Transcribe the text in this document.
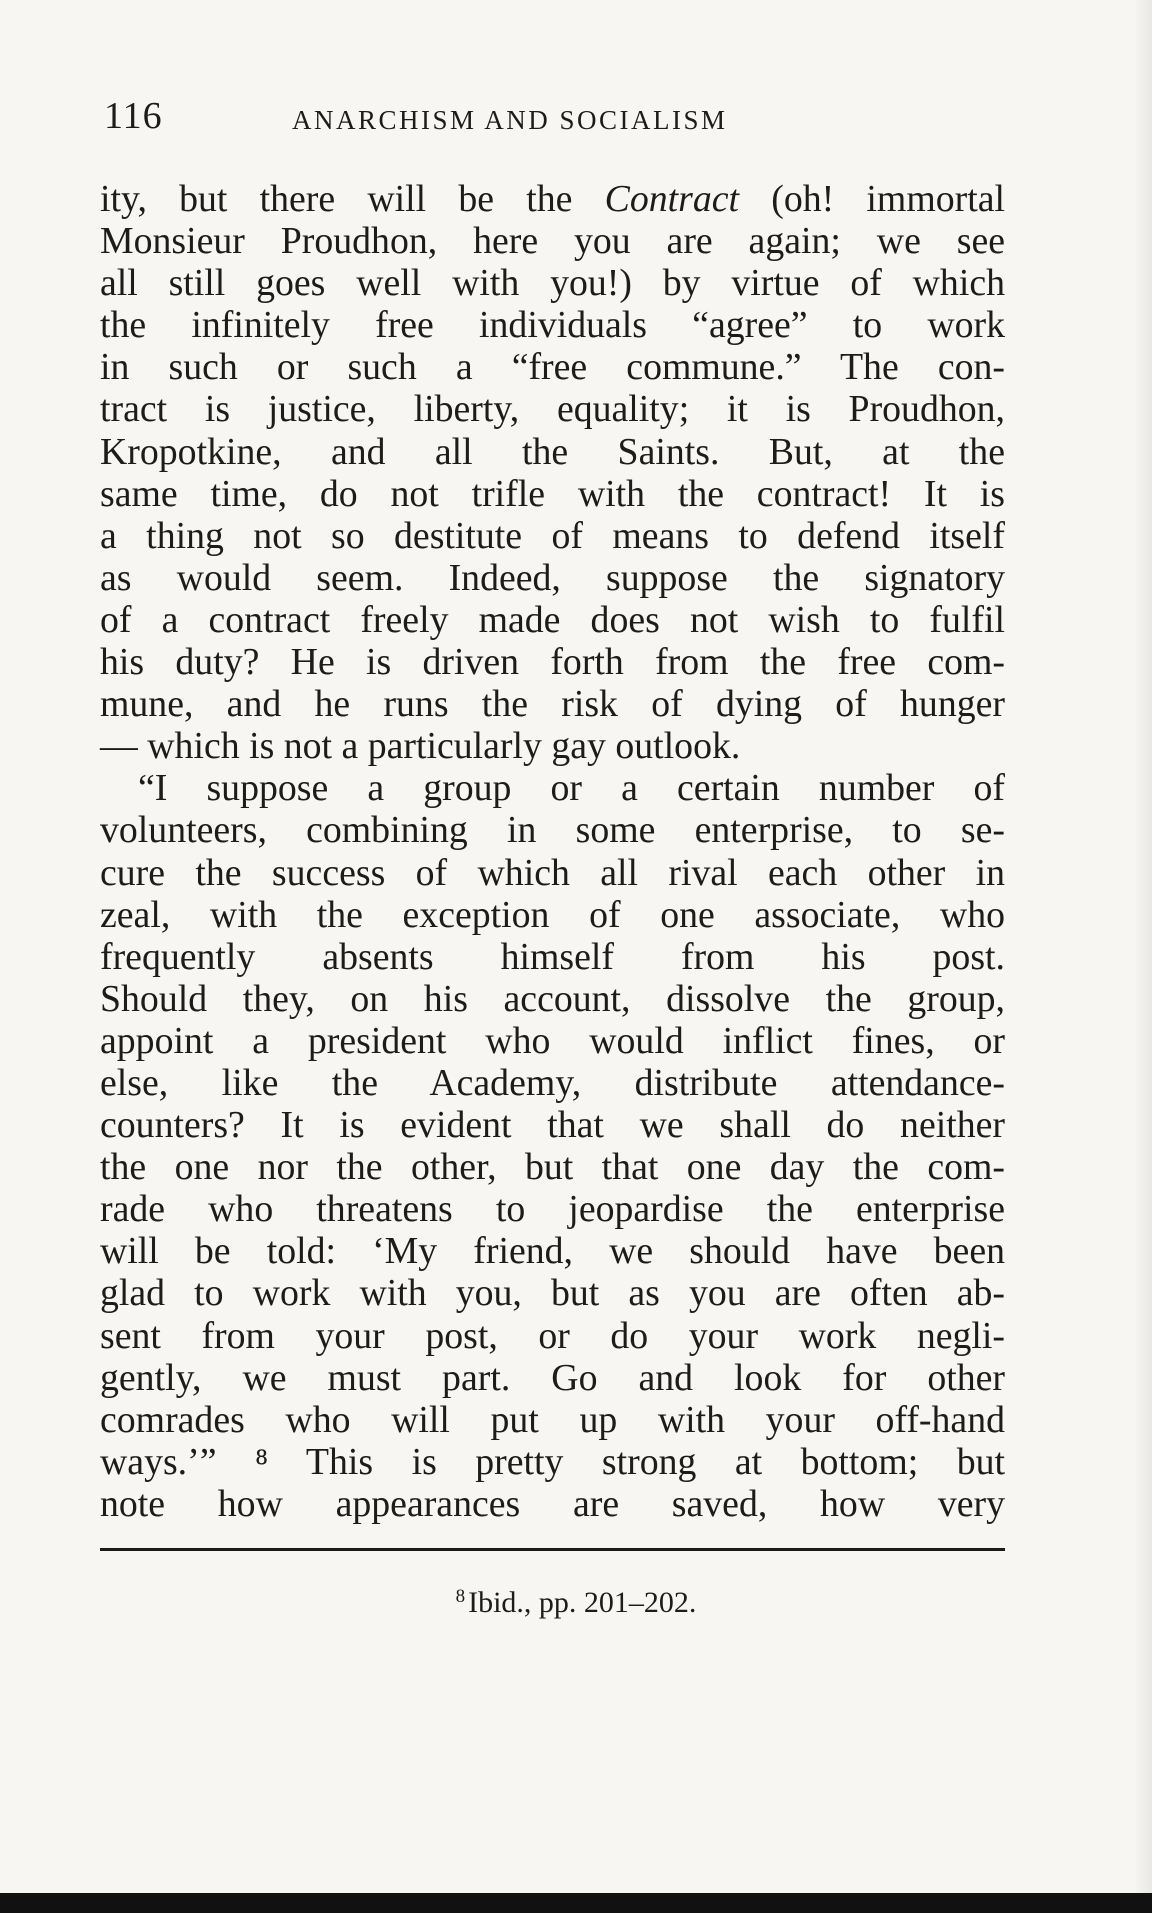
116	ANARCHISM AND SOCIALISM
ity, but there will be the Contract (oh! immortal
Monsieur Proudhon, here you are again; we see
all still goes well with you!) by virtue of which
the infinitely free individuals “agree” to work
in such or such a “free commune.” The con-
tract is justice, liberty, equality; it is Proudhon,
Kropotkine, and all the Saints. But, at the
same time, do not trifle with the contract! It is
a thing not so destitute of means to defend itself
as would seem. Indeed, suppose the signatory
of a contract freely made does not wish to fulfil
his duty? He is driven forth from the free com-
mune, and he runs the risk of dying of hunger
— which is not a particularly gay outlook.
“I suppose a group or a certain number of
volunteers, combining in some enterprise, to se-
cure the success of which all rival each other in
zeal, with the exception of one associate, who
frequently absents himself from his post.
Should they, on his account, dissolve the group,
appoint a president who would inflict fines, or
else, like the Academy, distribute attendance-
counters? It is evident that we shall do neither
the one nor the other, but that one day the com-
rade who threatens to jeopardise the enterprise
will be told: ‘My friend, we should have been
glad to work with you, but as you are often ab-
sent from your post, or do your work negli-
gently, we must part. Go and look for other
comrades who will put up with your off-hand
ways.’” ⁸ This is pretty strong at bottom; but
note how appearances are saved, how very
$^8$ Ibid., pp. 201–202.
